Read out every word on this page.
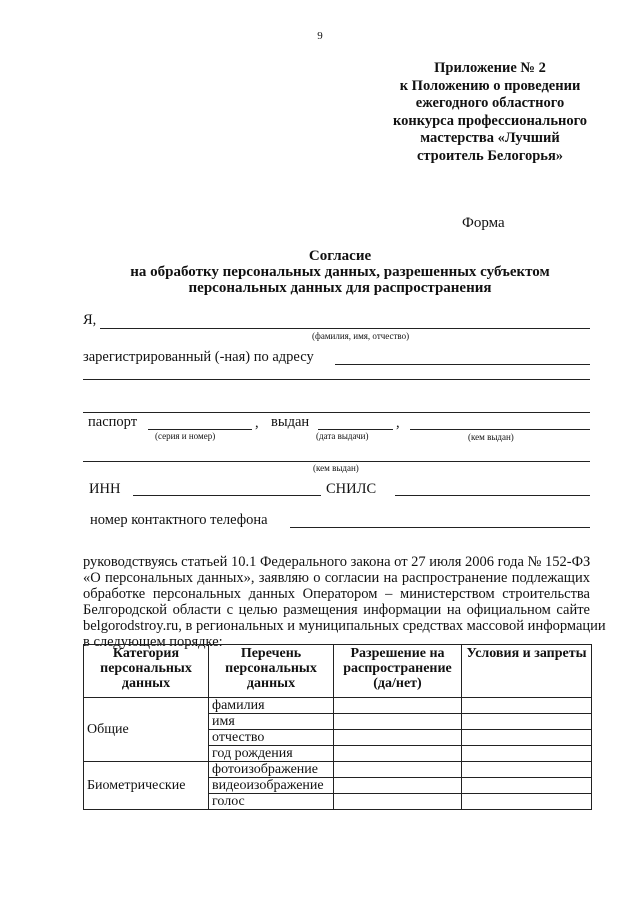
9
Приложение № 2
к Положению о проведении
ежегодного областного
конкурса профессионального
мастерства «Лучший
строитель Белогорья»
Форма
Согласие
на обработку персональных данных, разрешенных субъектом
персональных данных для распространения
Я,
(фамилия, имя, отчество)
зарегистрированный (-ная) по адресу
паспорт	, выдан	,
(серия и номер)	(дата выдачи)	(кем выдан)
(кем выдан)
ИНН	СНИЛС
номер контактного телефона
руководствуясь статьей 10.1 Федерального закона от 27 июля 2006 года № 152-ФЗ
«О персональных данных», заявляю о согласии на распространение подлежащих
обработке персональных данных Оператором – министерством строительства
Белгородской области с целью размещения информации на официальном сайте
belgorodstroy.ru, в региональных и муниципальных средствах массовой информации
в следующем порядке:
Категория персональных данных	Перечень персональных данных	Разрешение на распространение (да/нет)	Условия и запреты
Общие	фамилия		
	имя		
	отчество		
	год рождения		
Биометрические	фотоизображение		
	видеоизображение		
	голос		
